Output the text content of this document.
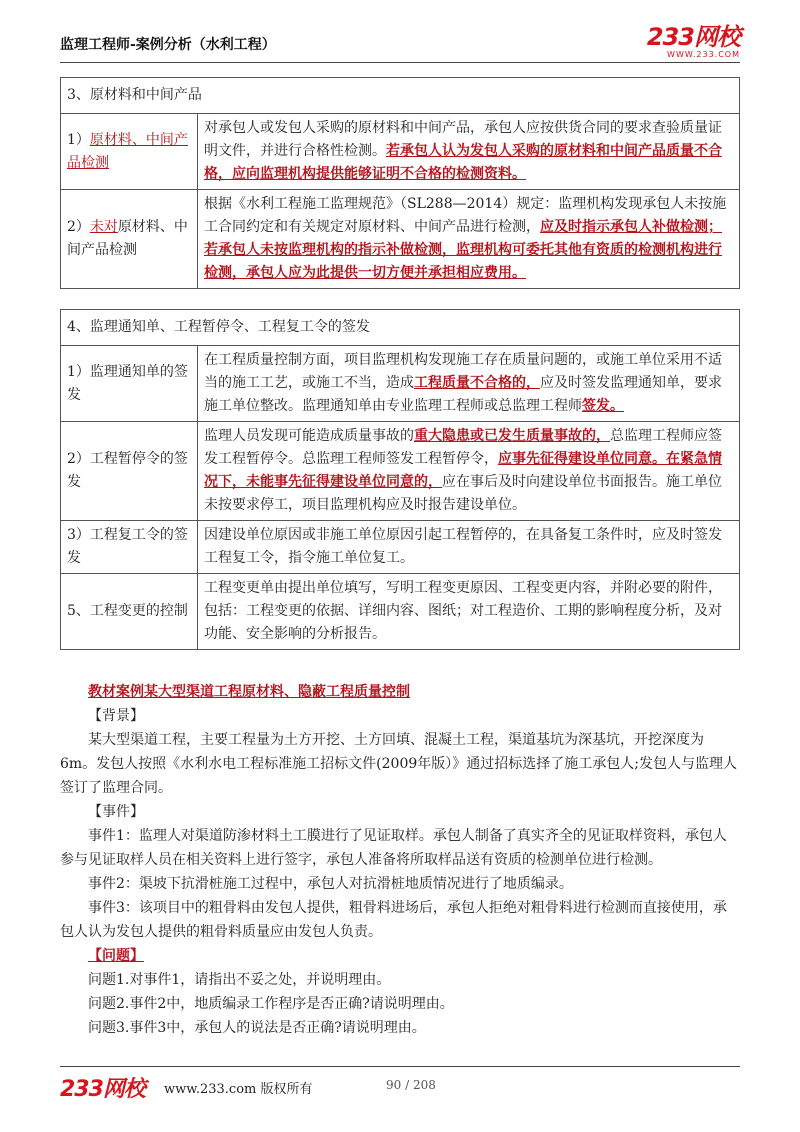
监理工程师-案例分析（水利工程）	233网校
WWW.233.COM
3、原材料和中间产品	
1）原材料、中间产品检测	对承包人或发包人采购的原材料和中间产品，承包人应按供货合同的要求查验质量证明文件，并进行合格性检测。若承包人认为发包人采购的原材料和中间产品质量不合格，应向监理机构提供能够证明不合格的检测资料。
2）未对原材料、中间产品检测	根据《水利工程施工监理规范》（SL288—2014）规定：监理机构发现承包人未按施工合同约定和有关规定对原材料、中间产品进行检测，应及时指示承包人补做检测；若承包人未按监理机构的指示补做检测，监理机构可委托其他有资质的检测机构进行检测，承包人应为此提供一切方便并承担相应费用。
4、监理通知单、工程暂停令、工程复工令的签发	
1）监理通知单的签发	在工程质量控制方面，项目监理机构发现施工存在质量问题的，或施工单位采用不适当的施工工艺，或施工不当，造成工程质量不合格的，应及时签发监理通知单，要求施工单位整改。监理通知单由专业监理工程师或总监理工程师签发。
2）工程暂停令的签发	监理人员发现可能造成质量事故的重大隐患或已发生质量事故的，总监理工程师应签发工程暂停令。总监理工程师签发工程暂停令，应事先征得建设单位同意。在紧急情况下，未能事先征得建设单位同意的，应在事后及时向建设单位书面报告。施工单位未按要求停工，项目监理机构应及时报告建设单位。
3）工程复工令的签发	因建设单位原因或非施工单位原因引起工程暂停的，在具备复工条件时，应及时签发工程复工令，指令施工单位复工。
5、工程变更的控制	工程变更单由提出单位填写，写明工程变更原因、工程变更内容，并附必要的附件，包括：工程变更的依据、详细内容、图纸；对工程造价、工期的影响程度分析，及对功能、安全影响的分析报告。

教材案例某大型渠道工程原材料、隐蔽工程质量控制

【背景】

某大型渠道工程，主要工程量为土方开挖、土方回填、混凝土工程，渠道基坑为深基坑，开挖深度为6m。发包人按照《水利水电工程标准施工招标文件(2009年版）》通过招标选择了施工承包人;发包人与监理人签订了监理合同。

【事件】

事件1：监理人对渠道防渗材料土工膜进行了见证取样。承包人制备了真实齐全的见证取样资料，承包人参与见证取样人员在相关资料上进行签字，承包人准备将所取样品送有资质的检测单位进行检测。

事件2：渠坡下抗滑桩施工过程中，承包人对抗滑桩地质情况进行了地质编录。

事件3：该项目中的粗骨料由发包人提供，粗骨料进场后，承包人拒绝对粗骨料进行检测而直接使用，承包人认为发包人提供的粗骨料质量应由发包人负责。

【问题】

问题1.对事件1，请指出不妥之处，并说明理由。

问题2.事件2中，地质编录工作程序是否正确?请说明理由。

问题3.事件3中，承包人的说法是否正确?请说明理由。

233网校 www.233.com 版权所有	90 / 208
